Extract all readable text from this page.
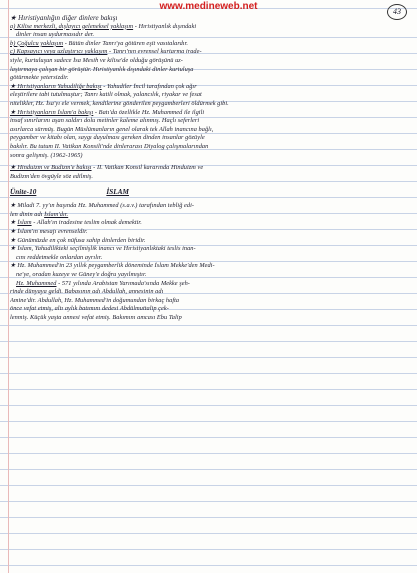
www.medineweb.net	43
★ Hıristiyanlığın diğer dinlere bakışı
a) Kilise merkezli, dışlayıcı geleneksel yaklaşım - Hıristiyanlık dışındaki
dinler insan uydurmasıdır der.
b) Çoğulcu yaklaşım - Bütün dinler Tanrı'ya götüren eşit vasıtalardır.
c) Kapsayıcı veya uzlaştırıcı yaklaşım - Tanrı'nın evrensel kurtarma irade-
siyle, kurtuluşun sadece İsa Mesih ve kilise'de olduğu görüşünü uz-
laştırmaya çalışan bir görüştür. Hıristiyanlık dışındaki dinler kurtuluşa
götürmekte yetersizdir.
★ Hıristiyanların Yahudiliğe bakışı - Yahudiler İncil tarafından çok ağır
eleştirilere tabi tutulmuştur; Tanrı katili olmak, yalancılık, riyakar ve fesat
nitelikler, Hz. İsa'yı ele vermek, kendilerine gönderilen peygamberleri öldürmek gibi.
★ Hıristiyanların İslam'a bakışı - Batı'da özellikle Hz. Muhammed ile ilgili
insaf sınırlarını aşan saldırı dolu metinler kaleme alınmış. Haçlı seferleri
asırlarca sürmüş. Bugün Müslümanların genel olarak tek Allah inancına bağlı,
peygamber ve kitabı olan, saygı duyulması gereken dinden insanlar gözüyle
bakılır. Bu tutum II. Vatikan Konsili'nde dinlerarası Diyalog çalışmalarından
sonra gelişmiş. (1962-1965)
★ Hinduizm ve Budizm'e bakışı - II. Vatikan Konsil kararında Hinduizm ve
Budizm'den övgüyle söz edilmiş.
Ünite-10	İSLAM
★ Miladi 7. yy'ın başında Hz. Muhammed (s.a.v.) tarafından tebliğ edi-
len dinin adı İslam'dır.
★ İslam - Allah'ın iradesine teslim olmak demektir.
★ İslam'ın mesajı evrenseldir.
★ Günümüzde en çok nüfusa sahip dinlerden biridir.
★ İslam, Yahudilikteki seçilmişlik inancı ve Hıristiyanlıktaki teslis inan-
cını reddetmekle onlardan ayrılır.
★ Hz. Muhammed'in 23 yıllık peygamberlik döneminde İslam Mekke'den Medi-
ne'ye, oradan kuzeye ve Güney'e doğru yayılmıştır.
Hz. Muhammed - 571 yılında Arabistan Yarımada'sında Mekke şeh-
rinde dünyaya geldi. Babasının adı Abdullah, annesinin adı
Amine'dir. Abdullah, Hz. Muhammed'in doğumundan birkaç hafta
önce vefat etmiş, altı aylık batımını dedesi Abdülmuttalip çek-
lenmiş. Küçük yaşta annesi vefat etmiş. Bakımını amcası Ebu Talip
